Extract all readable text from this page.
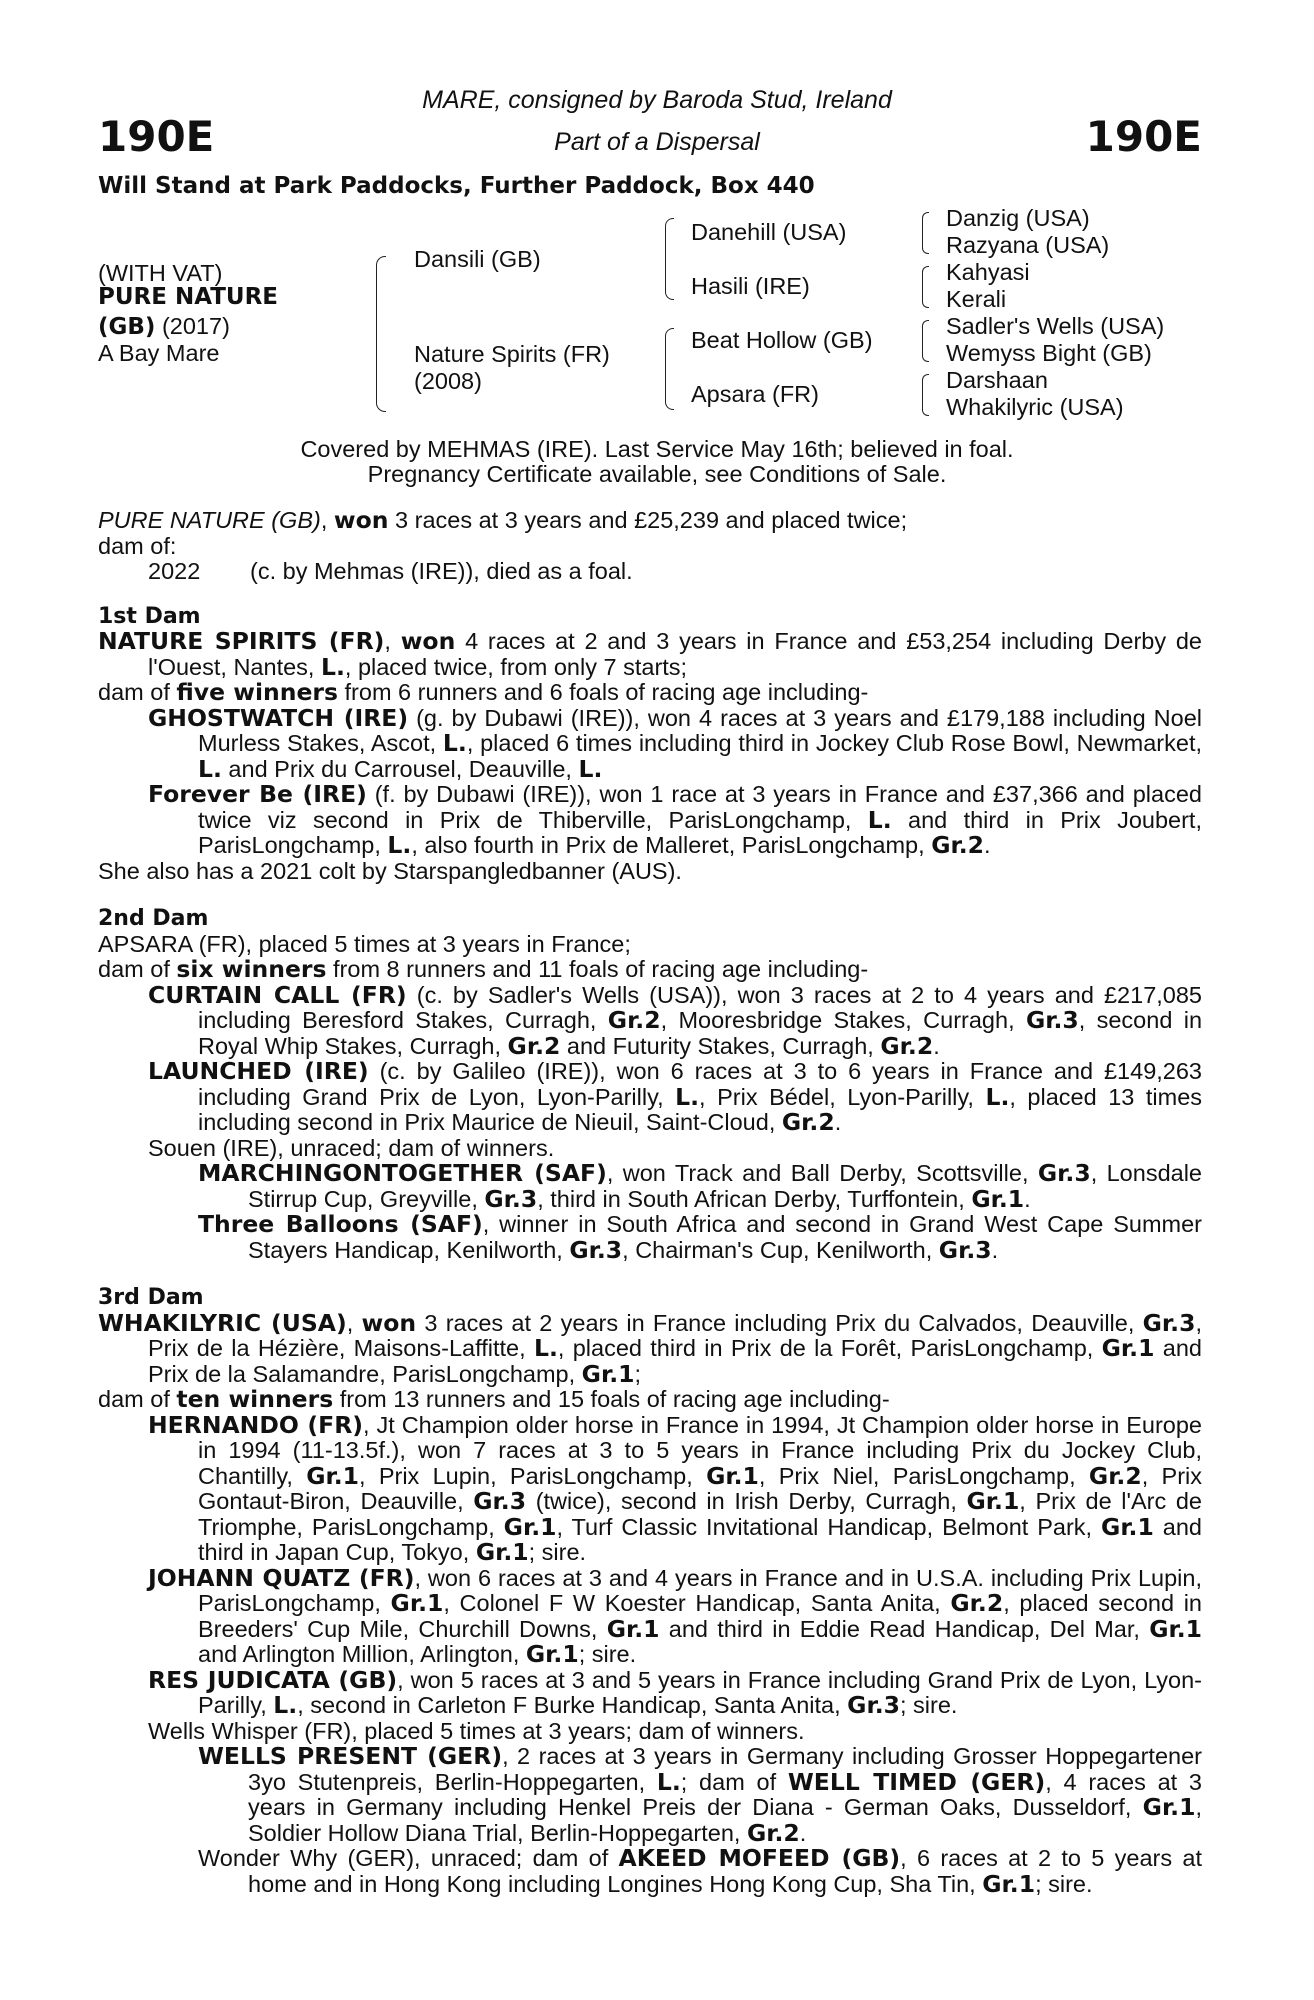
190E	190E
MARE, consigned by Baroda Stud, Ireland
Part of a Dispersal
Will Stand at Park Paddocks, Further Paddock, Box 440
(WITH VAT)
PURE NATURE
(GB) (2017)
A Bay Mare
Dansili (GB)
Nature Spirits (FR)
(2008)
Danehill (USA)
Hasili (IRE)
Beat Hollow (GB)
Apsara (FR)
Danzig (USA)
Razyana (USA)
Kahyasi
Kerali
Sadler's Wells (USA)
Wemyss Bight (GB)
Darshaan
Whakilyric (USA)
Covered by MEHMAS (IRE). Last Service May 16th; believed in foal.
Pregnancy Certificate available, see Conditions of Sale.
PURE NATURE (GB), won 3 races at 3 years and £25,239 and placed twice;
dam of:
2022	(c. by Mehmas (IRE)), died as a foal.
1st Dam
NATURE SPIRITS (FR), won 4 races at 2 and 3 years in France and £53,254 including Derby de l'Ouest, Nantes, L., placed twice, from only 7 starts;
dam of five winners from 6 runners and 6 foals of racing age including-
GHOSTWATCH (IRE) (g. by Dubawi (IRE)), won 4 races at 3 years and £179,188 including Noel Murless Stakes, Ascot, L., placed 6 times including third in Jockey Club Rose Bowl, Newmarket, L. and Prix du Carrousel, Deauville, L.
Forever Be (IRE) (f. by Dubawi (IRE)), won 1 race at 3 years in France and £37,366 and placed twice viz second in Prix de Thiberville, ParisLongchamp, L. and third in Prix Joubert, ParisLongchamp, L., also fourth in Prix de Malleret, ParisLongchamp, Gr.2.
She also has a 2021 colt by Starspangledbanner (AUS).
2nd Dam
APSARA (FR), placed 5 times at 3 years in France;
dam of six winners from 8 runners and 11 foals of racing age including-
CURTAIN CALL (FR) (c. by Sadler's Wells (USA)), won 3 races at 2 to 4 years and £217,085 including Beresford Stakes, Curragh, Gr.2, Mooresbridge Stakes, Curragh, Gr.3, second in Royal Whip Stakes, Curragh, Gr.2 and Futurity Stakes, Curragh, Gr.2.
LAUNCHED (IRE) (c. by Galileo (IRE)), won 6 races at 3 to 6 years in France and £149,263 including Grand Prix de Lyon, Lyon-Parilly, L., Prix Bédel, Lyon-Parilly, L., placed 13 times including second in Prix Maurice de Nieuil, Saint-Cloud, Gr.2.
Souen (IRE), unraced; dam of winners.
MARCHINGONTOGETHER (SAF), won Track and Ball Derby, Scottsville, Gr.3, Lonsdale Stirrup Cup, Greyville, Gr.3, third in South African Derby, Turffontein, Gr.1.
Three Balloons (SAF), winner in South Africa and second in Grand West Cape Summer Stayers Handicap, Kenilworth, Gr.3, Chairman's Cup, Kenilworth, Gr.3.
3rd Dam
WHAKILYRIC (USA), won 3 races at 2 years in France including Prix du Calvados, Deauville, Gr.3, Prix de la Hézière, Maisons-Laffitte, L., placed third in Prix de la Forêt, ParisLongchamp, Gr.1 and Prix de la Salamandre, ParisLongchamp, Gr.1;
dam of ten winners from 13 runners and 15 foals of racing age including-
HERNANDO (FR), Jt Champion older horse in France in 1994, Jt Champion older horse in Europe in 1994 (11-13.5f.), won 7 races at 3 to 5 years in France including Prix du Jockey Club, Chantilly, Gr.1, Prix Lupin, ParisLongchamp, Gr.1, Prix Niel, ParisLongchamp, Gr.2, Prix Gontaut-Biron, Deauville, Gr.3 (twice), second in Irish Derby, Curragh, Gr.1, Prix de l'Arc de Triomphe, ParisLongchamp, Gr.1, Turf Classic Invitational Handicap, Belmont Park, Gr.1 and third in Japan Cup, Tokyo, Gr.1; sire.
JOHANN QUATZ (FR), won 6 races at 3 and 4 years in France and in U.S.A. including Prix Lupin, ParisLongchamp, Gr.1, Colonel F W Koester Handicap, Santa Anita, Gr.2, placed second in Breeders' Cup Mile, Churchill Downs, Gr.1 and third in Eddie Read Handicap, Del Mar, Gr.1 and Arlington Million, Arlington, Gr.1; sire.
RES JUDICATA (GB), won 5 races at 3 and 5 years in France including Grand Prix de Lyon, Lyon-Parilly, L., second in Carleton F Burke Handicap, Santa Anita, Gr.3; sire.
Wells Whisper (FR), placed 5 times at 3 years; dam of winners.
WELLS PRESENT (GER), 2 races at 3 years in Germany including Grosser Hoppegartener 3yo Stutenpreis, Berlin-Hoppegarten, L.; dam of WELL TIMED (GER), 4 races at 3 years in Germany including Henkel Preis der Diana - German Oaks, Dusseldorf, Gr.1, Soldier Hollow Diana Trial, Berlin-Hoppegarten, Gr.2.
Wonder Why (GER), unraced; dam of AKEED MOFEED (GB), 6 races at 2 to 5 years at home and in Hong Kong including Longines Hong Kong Cup, Sha Tin, Gr.1; sire.
